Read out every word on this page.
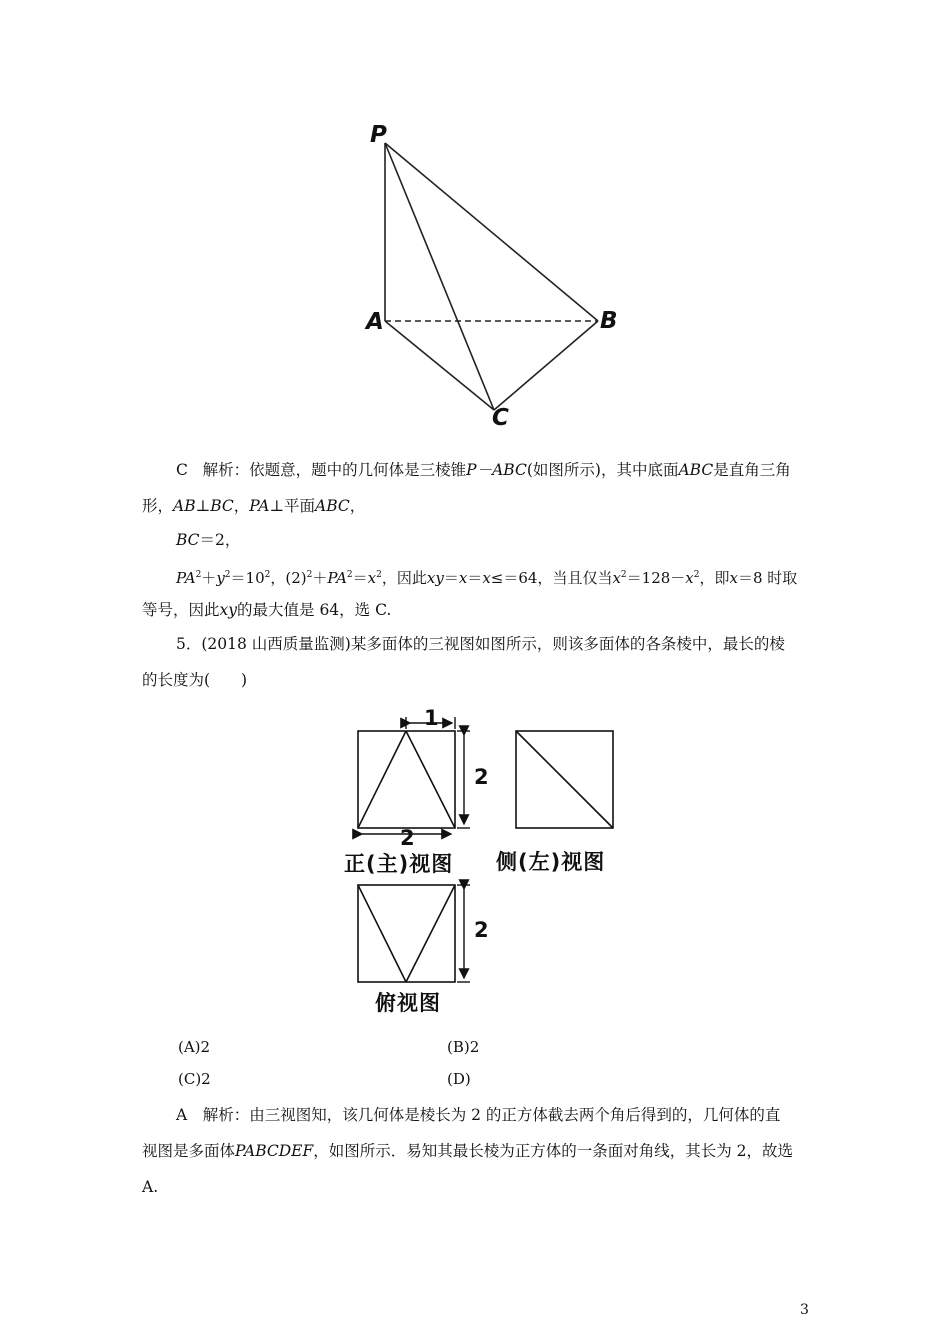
P
A	B
C
C 解析：依题意，题中的几何体是三棱锥P－ABC(如图所示)，其中底面ABC是直角三角
形，AB⊥BC，PA⊥平面ABC，
BC＝2，
$PA^2+y^2=10^2$，$(2)^2+PA^2=x^2$，因此xy＝x＝x≤＝64，当且仅当$x^2=128-x^2$，即x＝8 时取
等号，因此xy的最大值是 64，选 C.
5．(2018 山西质量监测)某多面体的三视图如图所示，则该多面体的各条棱中，最长的棱
的长度为(　　)
1
2
2
2
正(主)视图 侧(左)视图
俯视图
(A)2	(B)2
(C)2	(D)
A　解析：由三视图知，该几何体是棱长为 2 的正方体截去两个角后得到的，几何体的直
视图是多面体PABCDEF，如图所示．易知其最长棱为正方体的一条面对角线，其长为 2，故选
A.
3
